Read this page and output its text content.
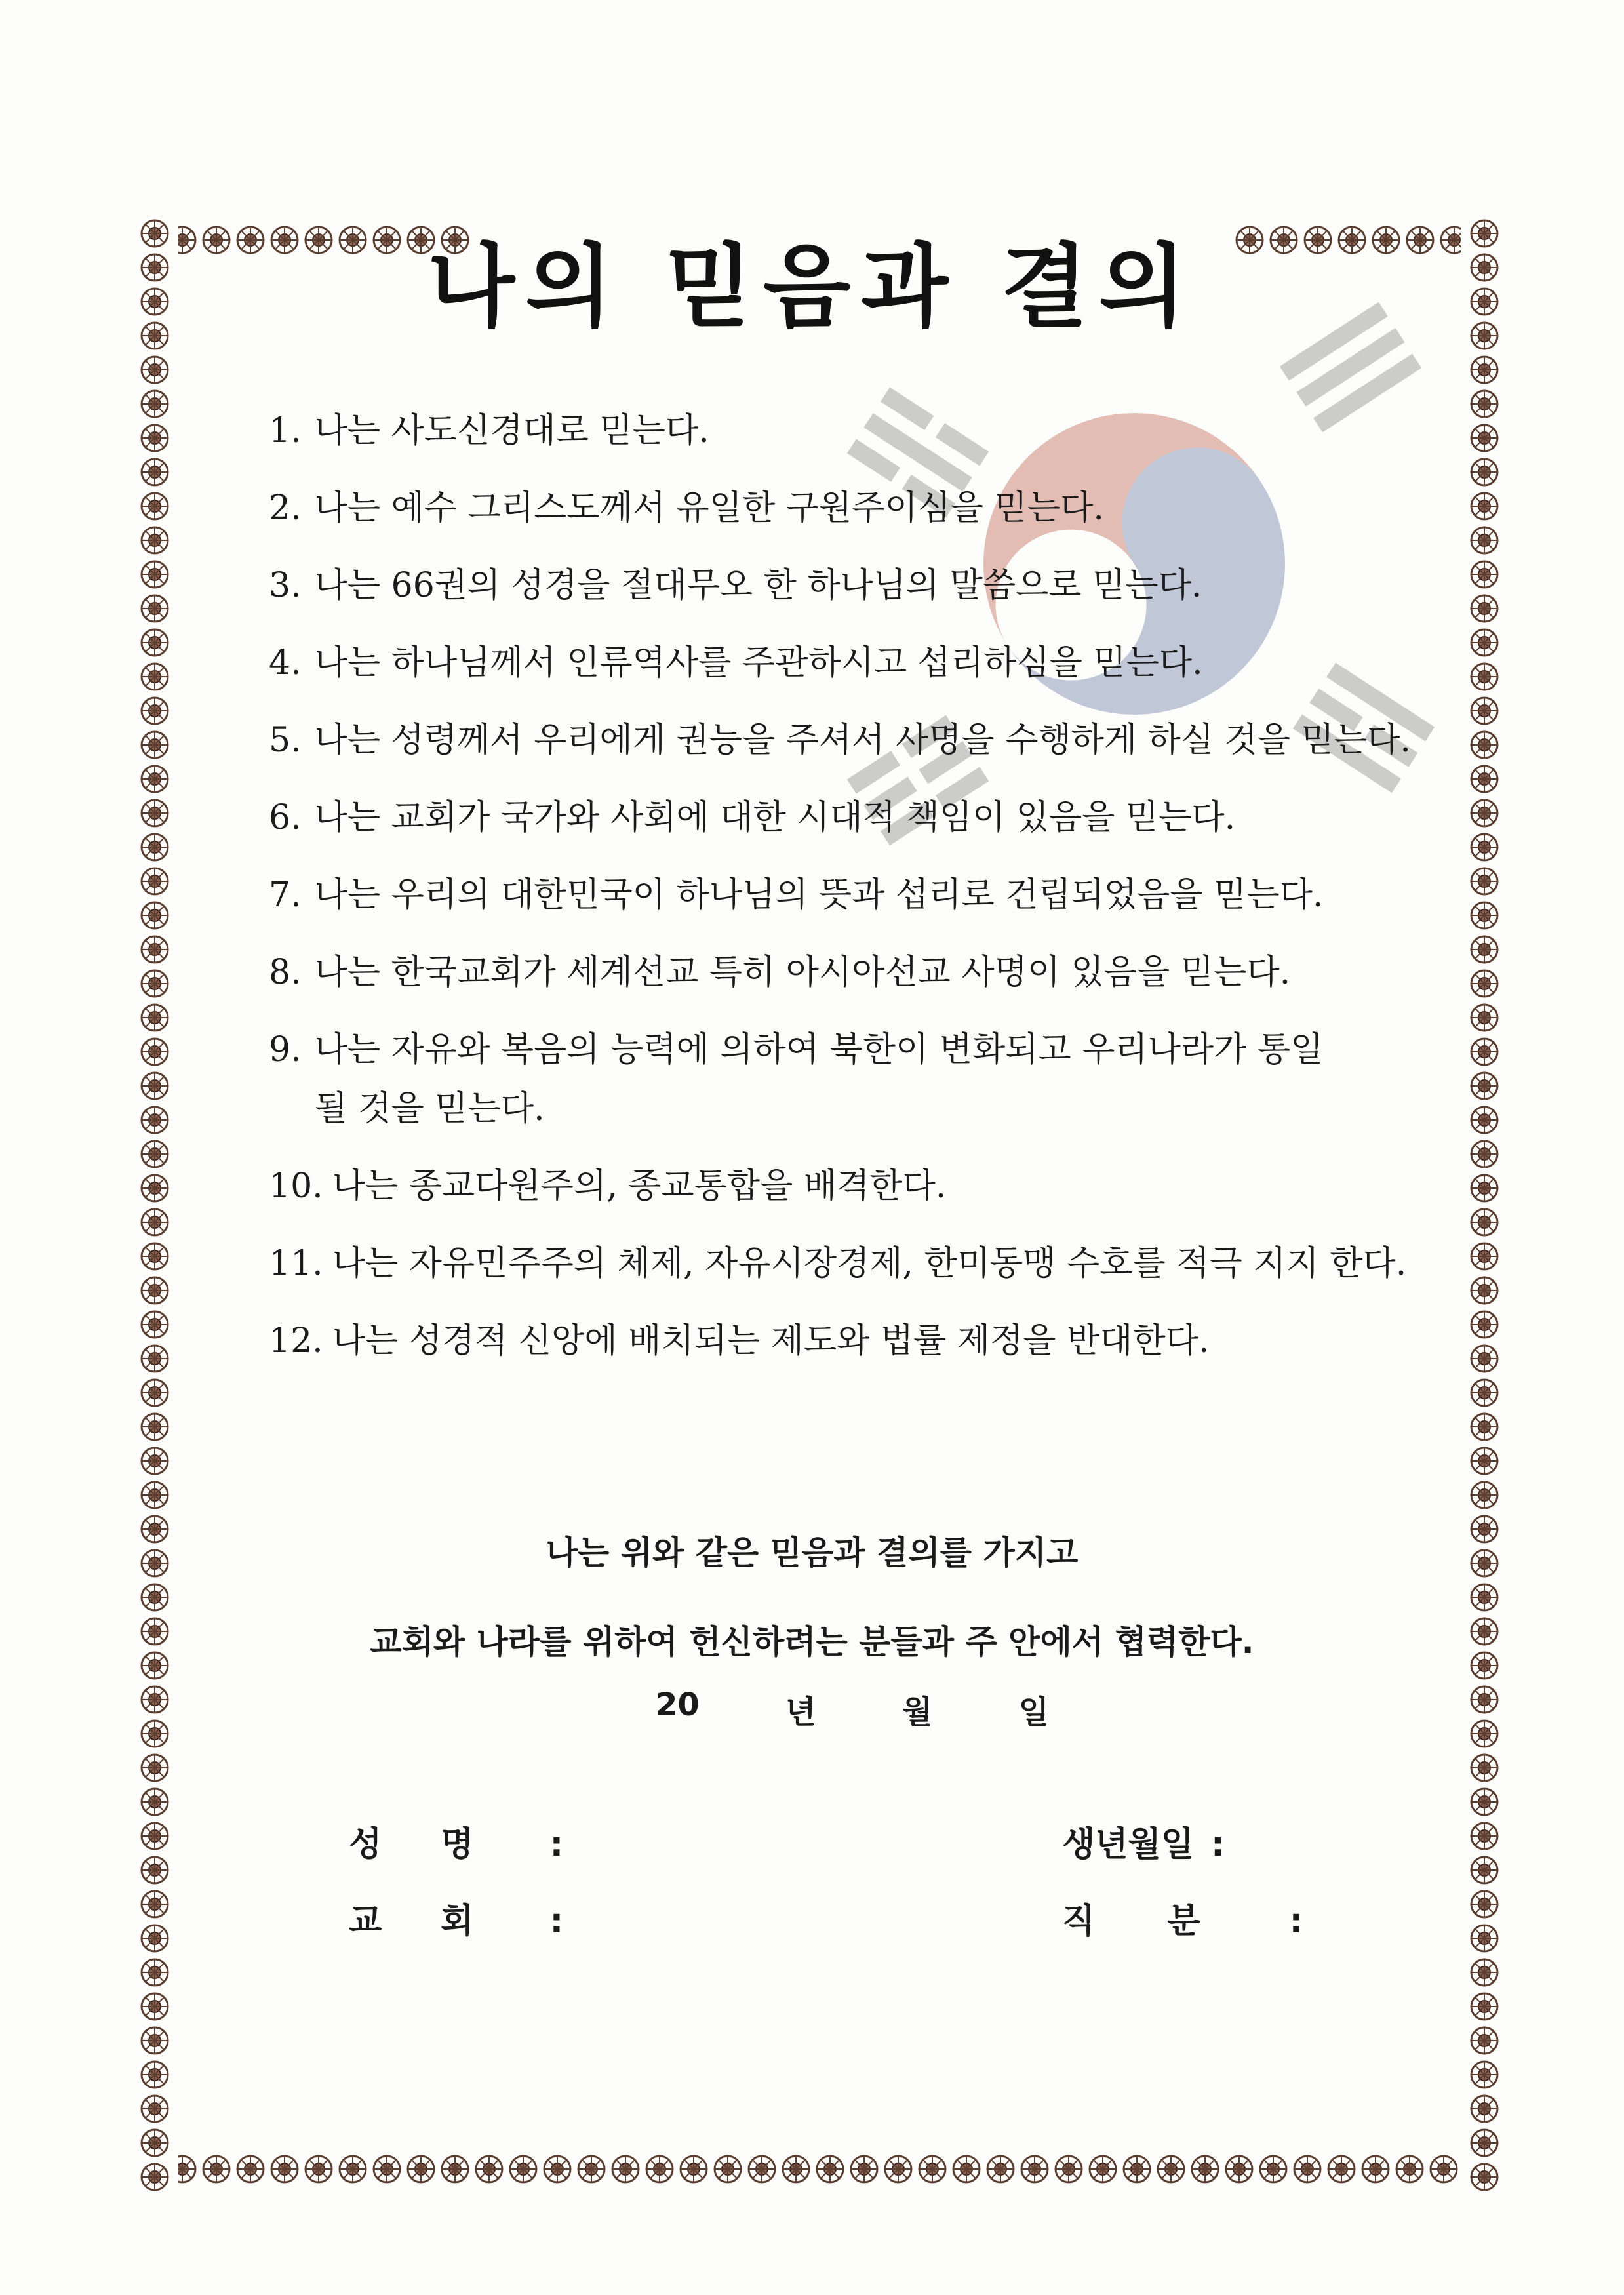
나의 믿음과 결의
1. 나는 사도신경대로 믿는다.
2. 나는 예수 그리스도께서 유일한 구원주이심을 믿는다.
3. 나는 66권의 성경을 절대무오 한 하나님의 말씀으로 믿는다.
4. 나는 하나님께서 인류역사를 주관하시고 섭리하심을 믿는다.
5. 나는 성령께서 우리에게 권능을 주셔서 사명을 수행하게 하실 것을 믿는다.
6. 나는 교회가 국가와 사회에 대한 시대적 책임이 있음을 믿는다.
7. 나는 우리의 대한민국이 하나님의 뜻과 섭리로 건립되었음을 믿는다.
8. 나는 한국교회가 세계선교 특히 아시아선교 사명이 있음을 믿는다.
9. 나는 자유와 복음의 능력에 의하여 북한이 변화되고 우리나라가 통일 될 것을 믿는다.
10. 나는 종교다원주의, 종교통합을 배격한다.
11. 나는 자유민주주의 체제, 자유시장경제, 한미동맹 수호를 적극 지지 한다.
12. 나는 성경적 신앙에 배치되는 제도와 법률 제정을 반대한다.
나는 위와 같은 믿음과 결의를 가지고
교회와 나라를 위하여 헌신하려는 분들과 주 안에서 협력한다.
20	년	월	일
성명 :	생년월일 :
교회 :	직분 :
